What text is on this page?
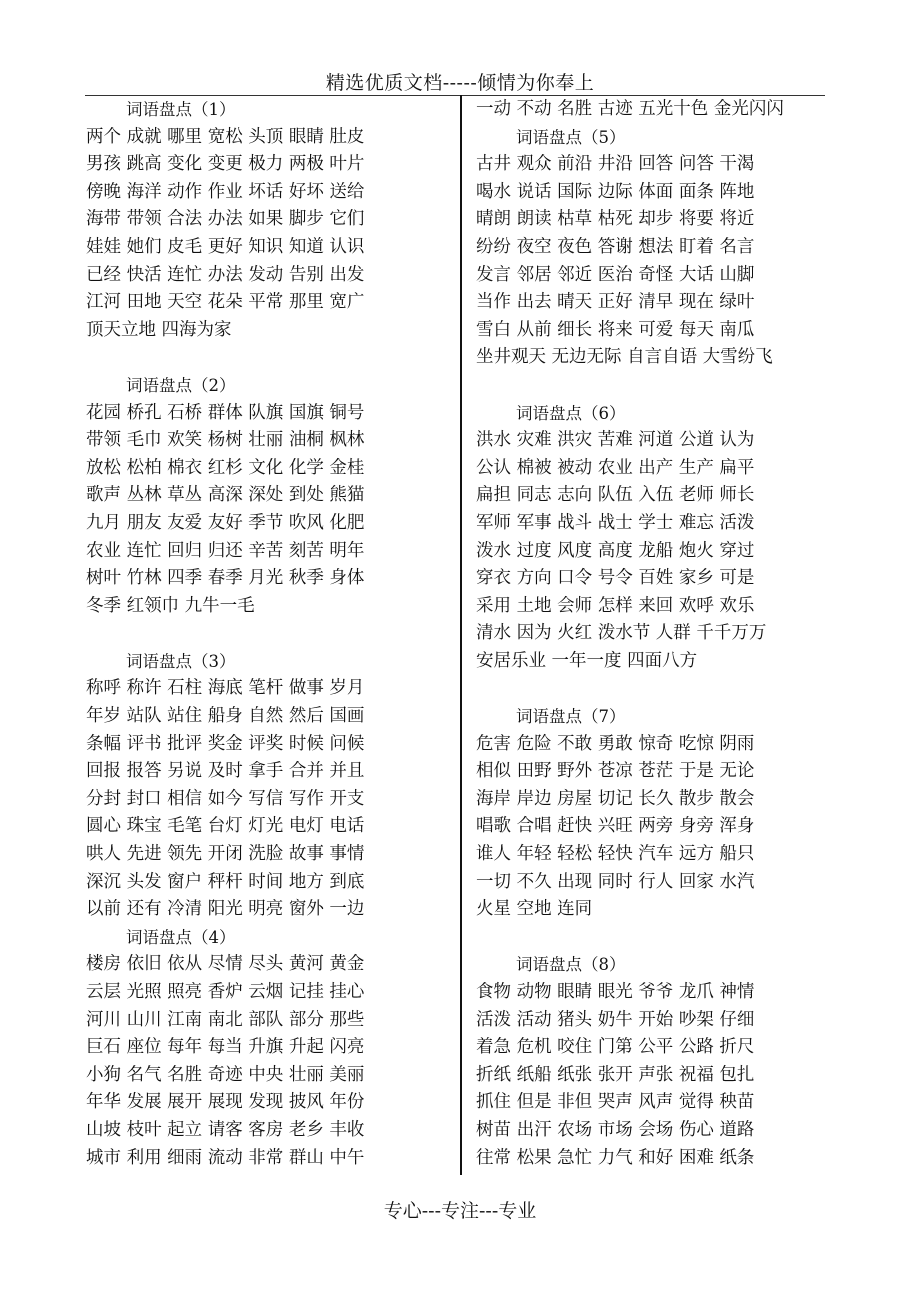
精选优质文档-----倾情为你奉上
词语盘点（1）
两个 成就 哪里 宽松 头顶 眼睛 肚皮
男孩 跳高 变化 变更 极力 两极 叶片
傍晚 海洋 动作 作业 坏话 好坏 送给
海带 带领 合法 办法 如果 脚步 它们
娃娃 她们 皮毛 更好 知识 知道 认识
已经 快活 连忙 办法 发动 告别 出发
江河 田地 天空 花朵 平常 那里 宽广
顶天立地 四海为家
词语盘点（2）
花园 桥孔 石桥 群体 队旗 国旗 铜号
带领 毛巾 欢笑 杨树 壮丽 油桐 枫林
放松 松柏 棉衣 红杉 文化 化学 金桂
歌声 丛林 草丛 高深 深处 到处 熊猫
九月 朋友 友爱 友好 季节 吹风 化肥
农业 连忙 回归 归还 辛苦 刻苦 明年
树叶 竹林 四季 春季 月光 秋季 身体
冬季 红领巾 九牛一毛
词语盘点（3）
称呼 称许 石柱 海底 笔杆 做事 岁月
年岁 站队 站住 船身 自然 然后 国画
条幅 评书 批评 奖金 评奖 时候 问候
回报 报答 另说 及时 拿手 合并 并且
分封 封口 相信 如今 写信 写作 开支
圆心 珠宝 毛笔 台灯 灯光 电灯 电话
哄人 先进 领先 开闭 洗脸 故事 事情
深沉 头发 窗户 秤杆 时间 地方 到底
以前 还有 冷清 阳光 明亮 窗外 一边
词语盘点（4）
楼房 依旧 依从 尽情 尽头 黄河 黄金
云层 光照 照亮 香炉 云烟 记挂 挂心
河川 山川 江南 南北 部队 部分 那些
巨石 座位 每年 每当 升旗 升起 闪亮
小狗 名气 名胜 奇迹 中央 壮丽 美丽
年华 发展 展开 展现 发现 披风 年份
山坡 枝叶 起立 请客 客房 老乡 丰收
城市 利用 细雨 流动 非常 群山 中午
一动 不动 名胜 古迹 五光十色 金光闪闪
词语盘点（5）
古井 观众 前沿 井沿 回答 问答 干渴
喝水 说话 国际 边际 体面 面条 阵地
晴朗 朗读 枯草 枯死 却步 将要 将近
纷纷 夜空 夜色 答谢 想法 盯着 名言
发言 邻居 邻近 医治 奇怪 大话 山脚
当作 出去 晴天 正好 清早 现在 绿叶
雪白 从前 细长 将来 可爱 每天 南瓜
坐井观天 无边无际 自言自语 大雪纷飞
词语盘点（6）
洪水 灾难 洪灾 苦难 河道 公道 认为
公认 棉被 被动 农业 出产 生产 扁平
扁担 同志 志向 队伍 入伍 老师 师长
军师 军事 战斗 战士 学士 难忘 活泼
泼水 过度 风度 高度 龙船 炮火 穿过
穿衣 方向 口令 号令 百姓 家乡 可是
采用 土地 会师 怎样 来回 欢呼 欢乐
清水 因为 火红 泼水节 人群 千千万万
安居乐业 一年一度 四面八方
词语盘点（7）
危害 危险 不敢 勇敢 惊奇 吃惊 阴雨
相似 田野 野外 苍凉 苍茫 于是 无论
海岸 岸边 房屋 切记 长久 散步 散会
唱歌 合唱 赶快 兴旺 两旁 身旁 浑身
谁人 年轻 轻松 轻快 汽车 远方 船只
一切 不久 出现 同时 行人 回家 水汽
火星 空地 连同
词语盘点（8）
食物 动物 眼睛 眼光 爷爷 龙爪 神情
活泼 活动 猪头 奶牛 开始 吵架 仔细
着急 危机 咬住 门第 公平 公路 折尺
折纸 纸船 纸张 张开 声张 祝福 包扎
抓住 但是 非但 哭声 风声 觉得 秧苗
树苗 出汗 农场 市场 会场 伤心 道路
往常 松果 急忙 力气 和好 困难 纸条
专心---专注---专业
